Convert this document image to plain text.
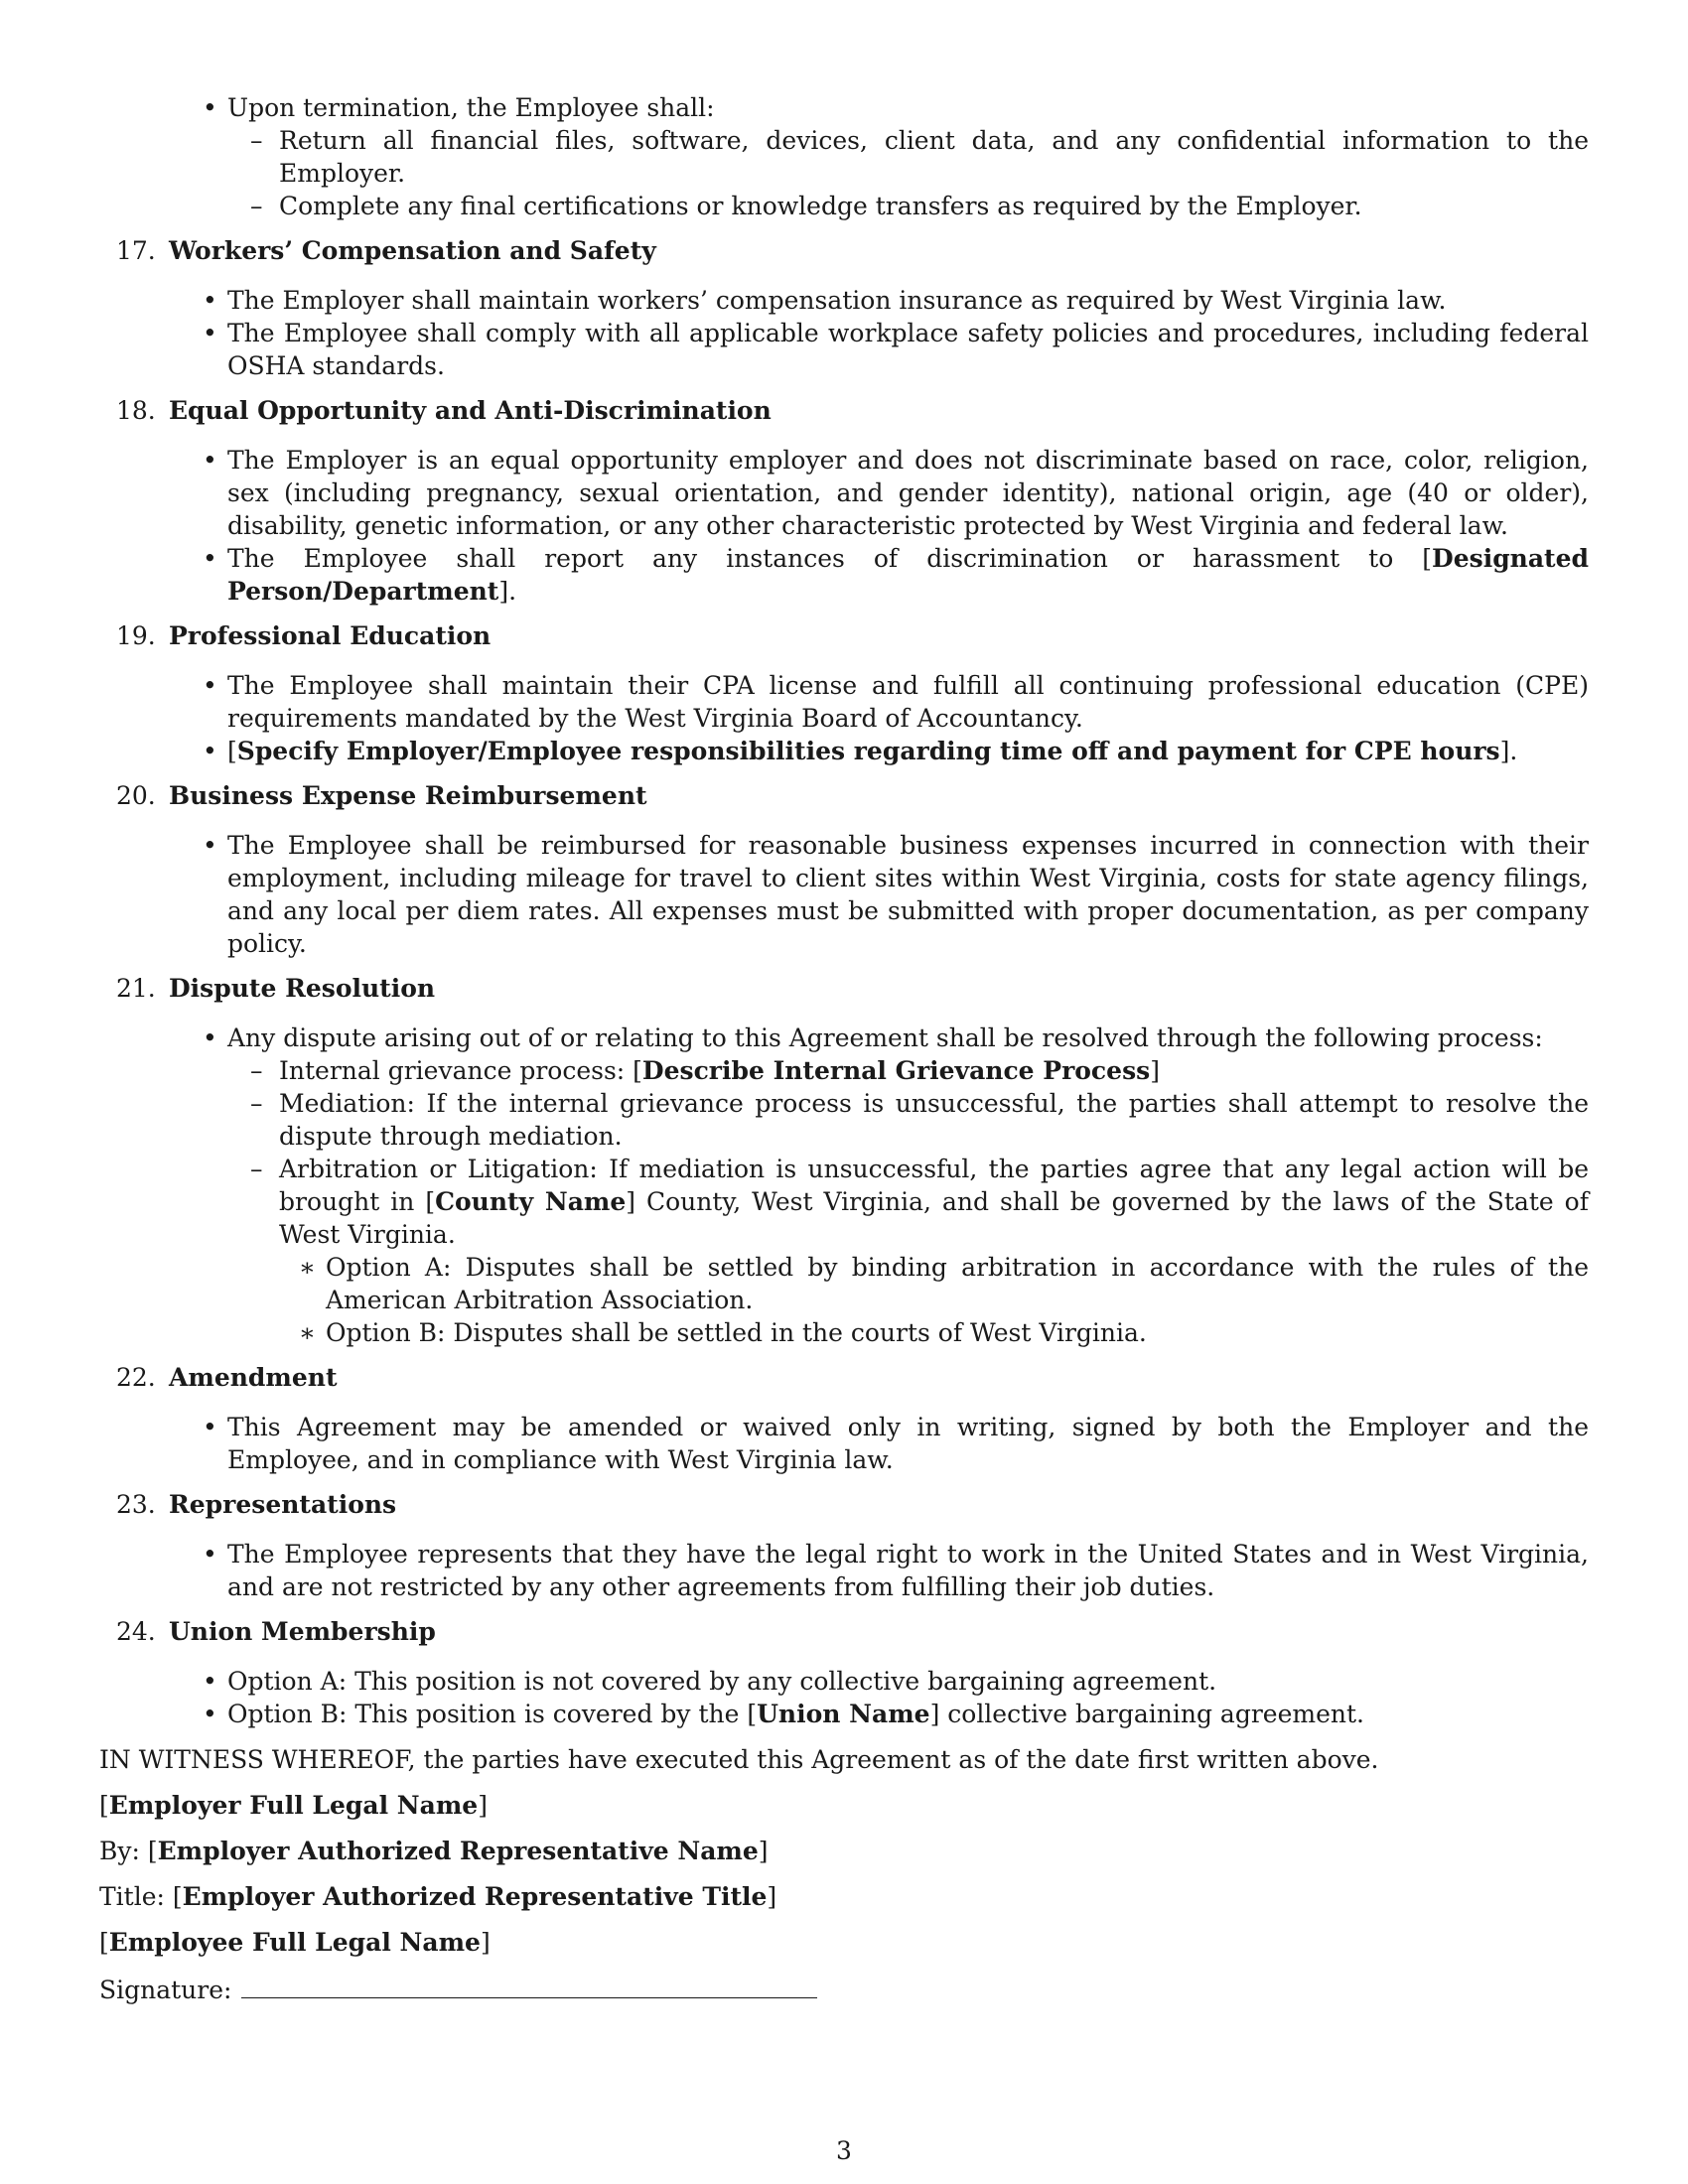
• Upon termination, the Employee shall:
– Return all financial files, software, devices, client data, and any confidential information to the Employer.
– Complete any final certifications or knowledge transfers as required by the Employer.
17. Workers’ Compensation and Safety
• The Employer shall maintain workers’ compensation insurance as required by West Virginia law.
• The Employee shall comply with all applicable workplace safety policies and procedures, including federal OSHA standards.
18. Equal Opportunity and Anti-Discrimination
• The Employer is an equal opportunity employer and does not discriminate based on race, color, religion, sex (including pregnancy, sexual orientation, and gender identity), national origin, age (40 or older), disability, genetic information, or any other characteristic protected by West Virginia and federal law.
• The Employee shall report any instances of discrimination or harassment to [Designated Person/Department].
19. Professional Education
• The Employee shall maintain their CPA license and fulfill all continuing professional education (CPE) requirements mandated by the West Virginia Board of Accountancy.
• [Specify Employer/Employee responsibilities regarding time off and payment for CPE hours].
20. Business Expense Reimbursement
• The Employee shall be reimbursed for reasonable business expenses incurred in connection with their employment, including mileage for travel to client sites within West Virginia, costs for state agency filings, and any local per diem rates. All expenses must be submitted with proper documentation, as per company policy.
21. Dispute Resolution
• Any dispute arising out of or relating to this Agreement shall be resolved through the following process:
– Internal grievance process: [Describe Internal Grievance Process]
– Mediation: If the internal grievance process is unsuccessful, the parties shall attempt to resolve the dispute through mediation.
– Arbitration or Litigation: If mediation is unsuccessful, the parties agree that any legal action will be brought in [County Name] County, West Virginia, and shall be governed by the laws of the State of West Virginia.
∗ Option A: Disputes shall be settled by binding arbitration in accordance with the rules of the American Arbitration Association.
∗ Option B: Disputes shall be settled in the courts of West Virginia.
22. Amendment
• This Agreement may be amended or waived only in writing, signed by both the Employer and the Employee, and in compliance with West Virginia law.
23. Representations
• The Employee represents that they have the legal right to work in the United States and in West Virginia, and are not restricted by any other agreements from fulfilling their job duties.
24. Union Membership
• Option A: This position is not covered by any collective bargaining agreement.
• Option B: This position is covered by the [Union Name] collective bargaining agreement.
IN WITNESS WHEREOF, the parties have executed this Agreement as of the date first written above.
[Employer Full Legal Name]
By: [Employer Authorized Representative Name]
Title: [Employer Authorized Representative Title]
[Employee Full Legal Name]
Signature:
3
